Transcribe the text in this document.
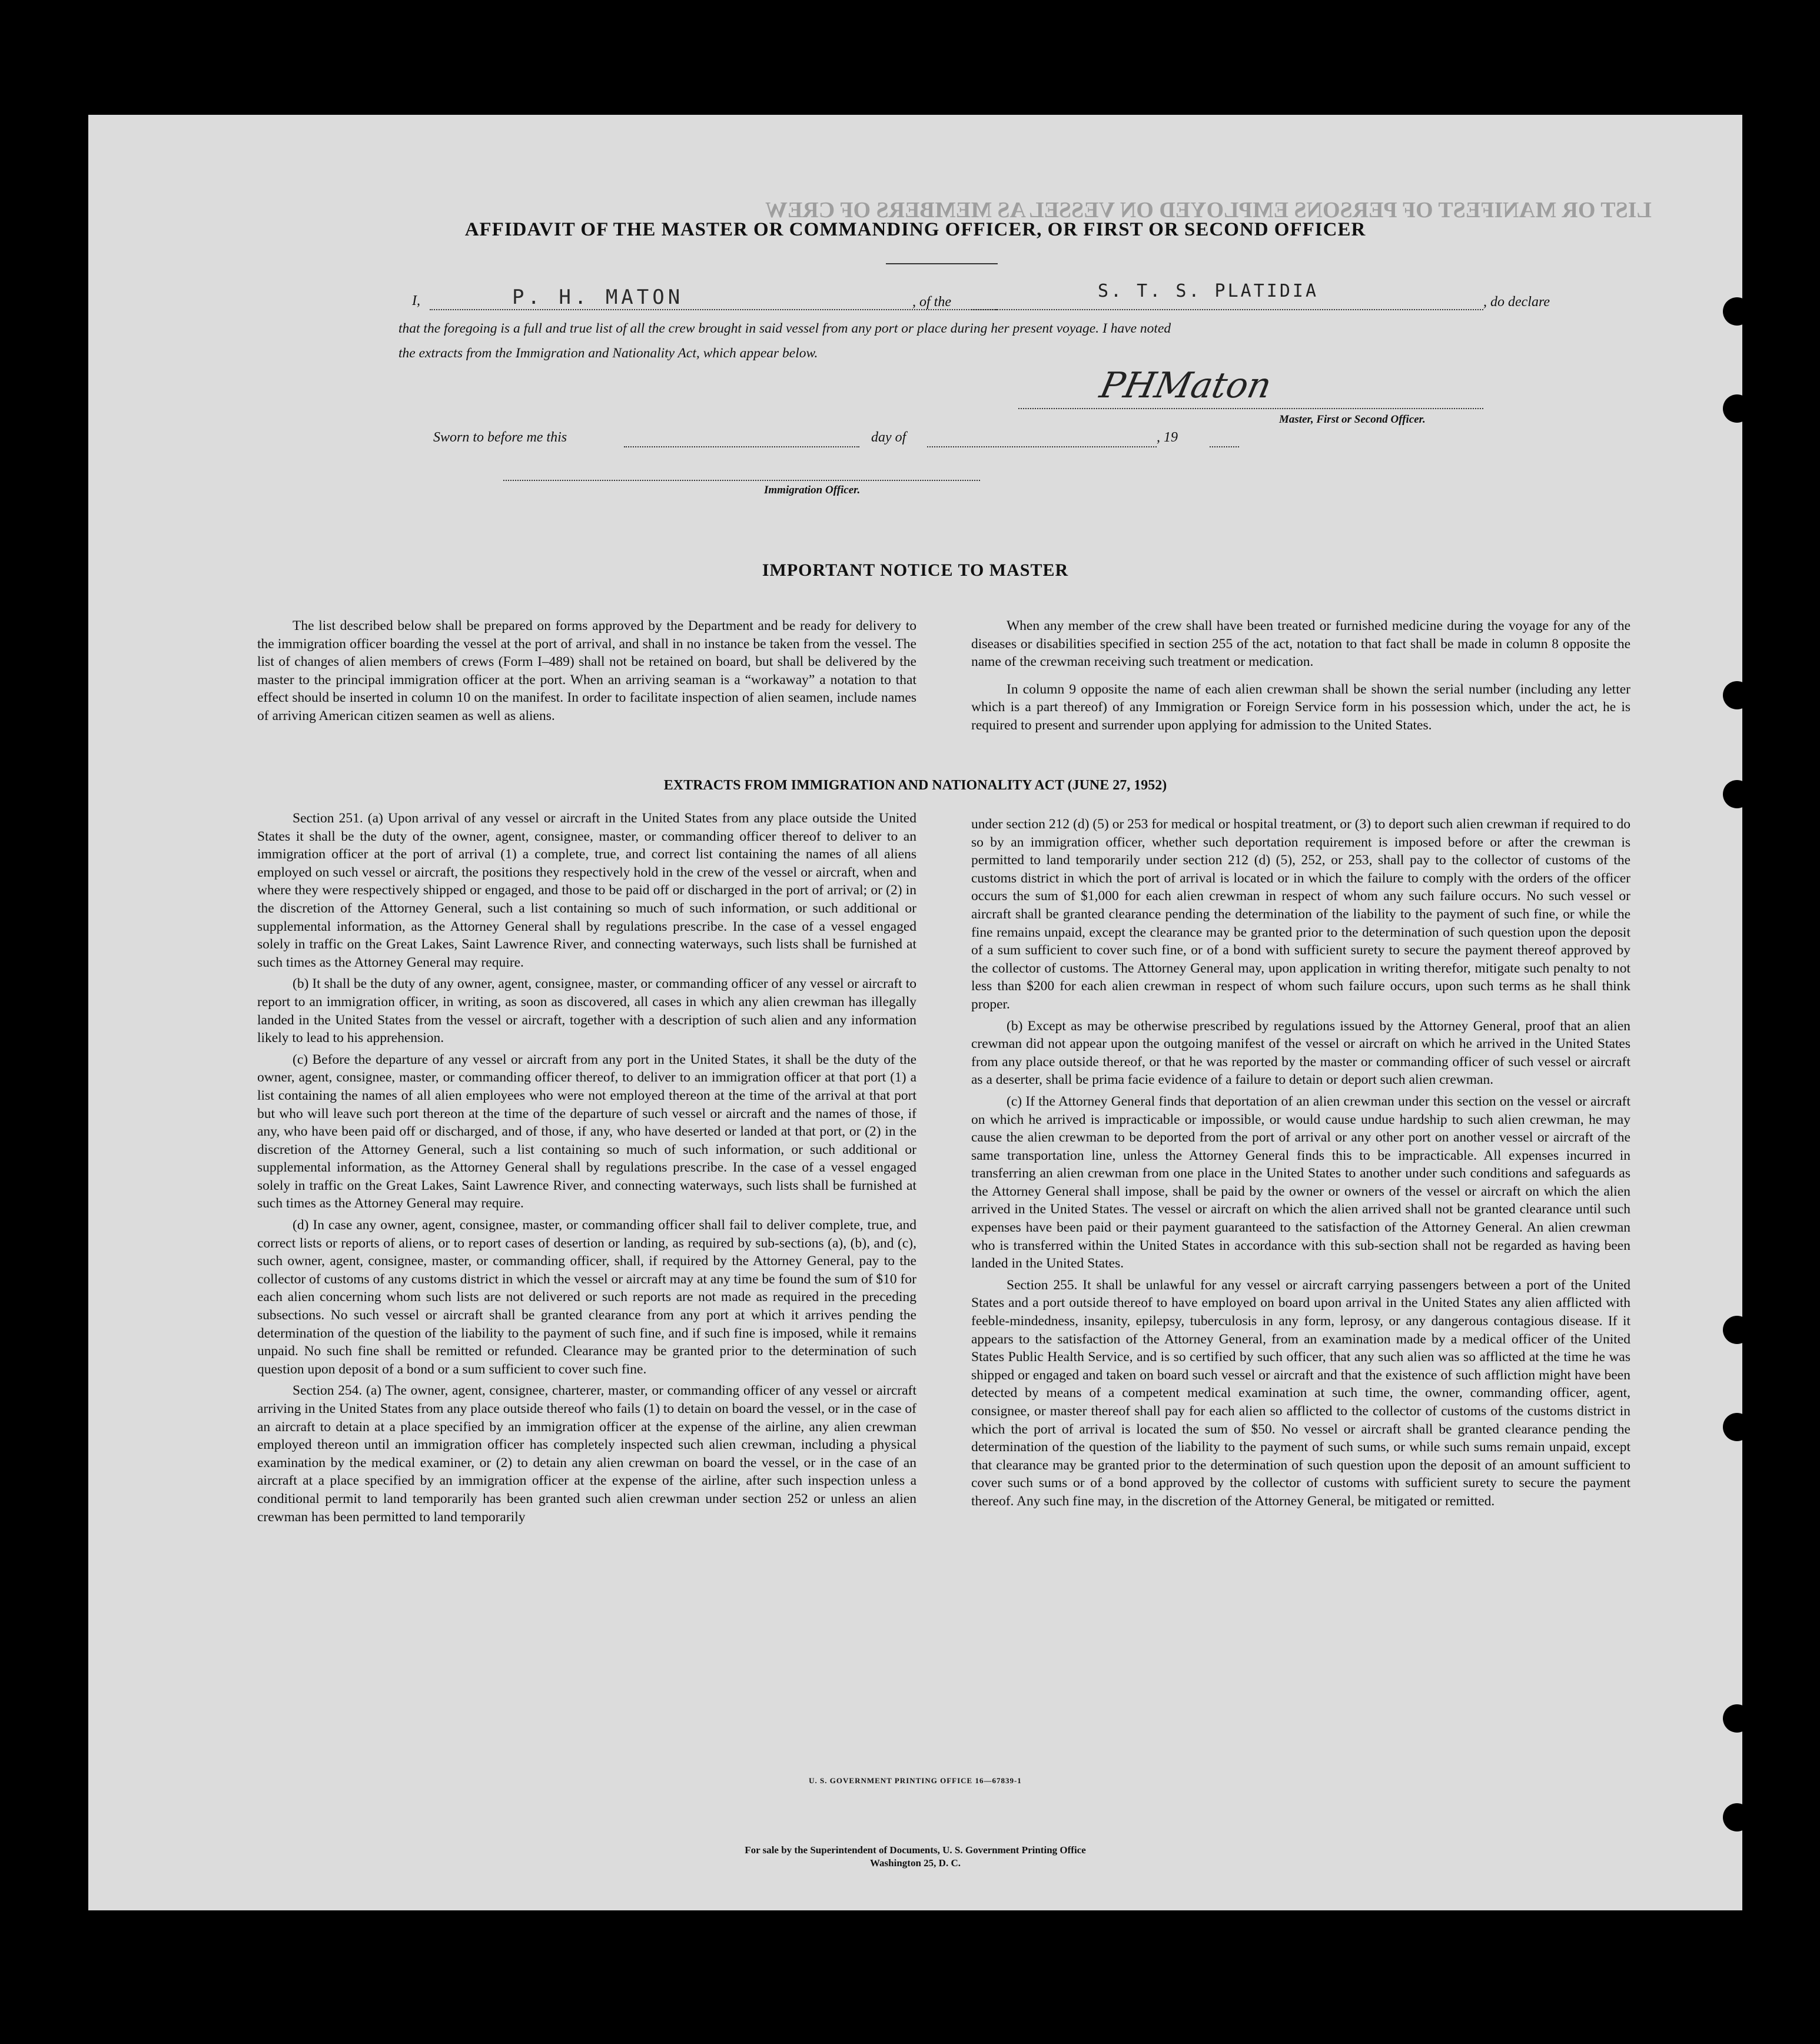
LIST OR MANIFEST OF PERSONS EMPLOYED ON VESSEL AS MEMBERS OF CREW
AFFIDAVIT OF THE MASTER OR COMMANDING OFFICER, OR FIRST OR SECOND OFFICER
I,	P. H. MATON	, of the
S. T. S. PLATIDIA
, do declare
that the foregoing is a full and true list of all the crew brought in said vessel from any port or place during her present voyage. I have noted
the extracts from the Immigration and Nationality Act, which appear below.
PHMaton
Master, First or Second Officer.
Sworn to before me this	day of	, 19
Immigration Officer.
IMPORTANT NOTICE TO MASTER

The list described below shall be prepared on forms approved by the Department and be ready for delivery to the immigration officer boarding the vessel at the port of arrival, and shall in no instance be taken from the vessel. The list of changes of alien members of crews (Form I–489) shall not be retained on board, but shall be delivered by the master to the principal immigration officer at the port. When an arriving seaman is a “workaway” a notation to that effect should be inserted in column 10 on the manifest. In order to facilitate inspection of alien seamen, include names of arriving American citizen seamen as well as aliens.

When any member of the crew shall have been treated or furnished medicine during the voyage for any of the diseases or disabilities specified in section 255 of the act, notation to that fact shall be made in column 8 opposite the name of the crewman receiving such treatment or medication.

In column 9 opposite the name of each alien crewman shall be shown the serial number (including any letter which is a part thereof) of any Immigration or Foreign Service form in his possession which, under the act, he is required to present and surrender upon applying for admission to the United States.

EXTRACTS FROM IMMIGRATION AND NATIONALITY ACT (JUNE 27, 1952)

Section 251. (a) Upon arrival of any vessel or aircraft in the United States from any place outside the United States it shall be the duty of the owner, agent, consignee, master, or commanding officer thereof to deliver to an immigration officer at the port of arrival (1) a complete, true, and correct list containing the names of all aliens employed on such vessel or aircraft, the positions they respectively hold in the crew of the vessel or aircraft, when and where they were respectively shipped or engaged, and those to be paid off or discharged in the port of arrival; or (2) in the discretion of the Attorney General, such a list containing so much of such information, or such additional or supplemental information, as the Attorney General shall by regulations prescribe. In the case of a vessel engaged solely in traffic on the Great Lakes, Saint Lawrence River, and connecting waterways, such lists shall be furnished at such times as the Attorney General may require.

(b) It shall be the duty of any owner, agent, consignee, master, or commanding officer of any vessel or aircraft to report to an immigration officer, in writing, as soon as discovered, all cases in which any alien crewman has illegally landed in the United States from the vessel or aircraft, together with a description of such alien and any information likely to lead to his apprehension.

(c) Before the departure of any vessel or aircraft from any port in the United States, it shall be the duty of the owner, agent, consignee, master, or commanding officer thereof, to deliver to an immigration officer at that port (1) a list containing the names of all alien employees who were not employed thereon at the time of the arrival at that port but who will leave such port thereon at the time of the departure of such vessel or aircraft and the names of those, if any, who have been paid off or discharged, and of those, if any, who have deserted or landed at that port, or (2) in the discretion of the Attorney General, such a list containing so much of such information, or such additional or supplemental information, as the Attorney General shall by regulations prescribe. In the case of a vessel engaged solely in traffic on the Great Lakes, Saint Lawrence River, and connecting waterways, such lists shall be furnished at such times as the Attorney General may require.

(d) In case any owner, agent, consignee, master, or commanding officer shall fail to deliver complete, true, and correct lists or reports of aliens, or to report cases of desertion or landing, as required by sub-sections (a), (b), and (c), such owner, agent, consignee, master, or commanding officer, shall, if required by the Attorney General, pay to the collector of customs of any customs district in which the vessel or aircraft may at any time be found the sum of $10 for each alien concerning whom such lists are not delivered or such reports are not made as required in the preceding subsections. No such vessel or aircraft shall be granted clearance from any port at which it arrives pending the determination of the question of the liability to the payment of such fine, and if such fine is imposed, while it remains unpaid. No such fine shall be remitted or refunded. Clearance may be granted prior to the determination of such question upon deposit of a bond or a sum sufficient to cover such fine.

Section 254. (a) The owner, agent, consignee, charterer, master, or commanding officer of any vessel or aircraft arriving in the United States from any place outside thereof who fails (1) to detain on board the vessel, or in the case of an aircraft to detain at a place specified by an immigration officer at the expense of the airline, any alien crewman employed thereon until an immigration officer has completely inspected such alien crewman, including a physical examination by the medical examiner, or (2) to detain any alien crewman on board the vessel, or in the case of an aircraft at a place specified by an immigration officer at the expense of the airline, after such inspection unless a conditional permit to land temporarily has been granted such alien crewman under section 252 or unless an alien crewman has been permitted to land temporarily

under section 212 (d) (5) or 253 for medical or hospital treatment, or (3) to deport such alien crewman if required to do so by an immigration officer, whether such deportation requirement is imposed before or after the crewman is permitted to land temporarily under section 212 (d) (5), 252, or 253, shall pay to the collector of customs of the customs district in which the port of arrival is located or in which the failure to comply with the orders of the officer occurs the sum of $1,000 for each alien crewman in respect of whom any such failure occurs. No such vessel or aircraft shall be granted clearance pending the determination of the liability to the payment of such fine, or while the fine remains unpaid, except the clearance may be granted prior to the determination of such question upon the deposit of a sum sufficient to cover such fine, or of a bond with sufficient surety to secure the payment thereof approved by the collector of customs. The Attorney General may, upon application in writing therefor, mitigate such penalty to not less than $200 for each alien crewman in respect of whom such failure occurs, upon such terms as he shall think proper.

(b) Except as may be otherwise prescribed by regulations issued by the Attorney General, proof that an alien crewman did not appear upon the outgoing manifest of the vessel or aircraft on which he arrived in the United States from any place outside thereof, or that he was reported by the master or commanding officer of such vessel or aircraft as a deserter, shall be prima facie evidence of a failure to detain or deport such alien crewman.

(c) If the Attorney General finds that deportation of an alien crewman under this section on the vessel or aircraft on which he arrived is impracticable or impossible, or would cause undue hardship to such alien crewman, he may cause the alien crewman to be deported from the port of arrival or any other port on another vessel or aircraft of the same transportation line, unless the Attorney General finds this to be impracticable. All expenses incurred in transferring an alien crewman from one place in the United States to another under such conditions and safeguards as the Attorney General shall impose, shall be paid by the owner or owners of the vessel or aircraft on which the alien arrived in the United States. The vessel or aircraft on which the alien arrived shall not be granted clearance until such expenses have been paid or their payment guaranteed to the satisfaction of the Attorney General. An alien crewman who is transferred within the United States in accordance with this sub-section shall not be regarded as having been landed in the United States.

Section 255. It shall be unlawful for any vessel or aircraft carrying passengers between a port of the United States and a port outside thereof to have employed on board upon arrival in the United States any alien afflicted with feeble-mindedness, insanity, epilepsy, tuberculosis in any form, leprosy, or any dangerous contagious disease. If it appears to the satisfaction of the Attorney General, from an examination made by a medical officer of the United States Public Health Service, and is so certified by such officer, that any such alien was so afflicted at the time he was shipped or engaged and taken on board such vessel or aircraft and that the existence of such affliction might have been detected by means of a competent medical examination at such time, the owner, commanding officer, agent, consignee, or master thereof shall pay for each alien so afflicted to the collector of customs of the customs district in which the port of arrival is located the sum of $50. No vessel or aircraft shall be granted clearance pending the determination of the question of the liability to the payment of such sums, or while such sums remain unpaid, except that clearance may be granted prior to the determination of such question upon the deposit of an amount sufficient to cover such sums or of a bond approved by the collector of customs with sufficient surety to secure the payment thereof. Any such fine may, in the discretion of the Attorney General, be mitigated or remitted.

U. S. GOVERNMENT PRINTING OFFICE 16—67839-1
For sale by the Superintendent of Documents, U. S. Government Printing Office
Washington 25, D. C.
